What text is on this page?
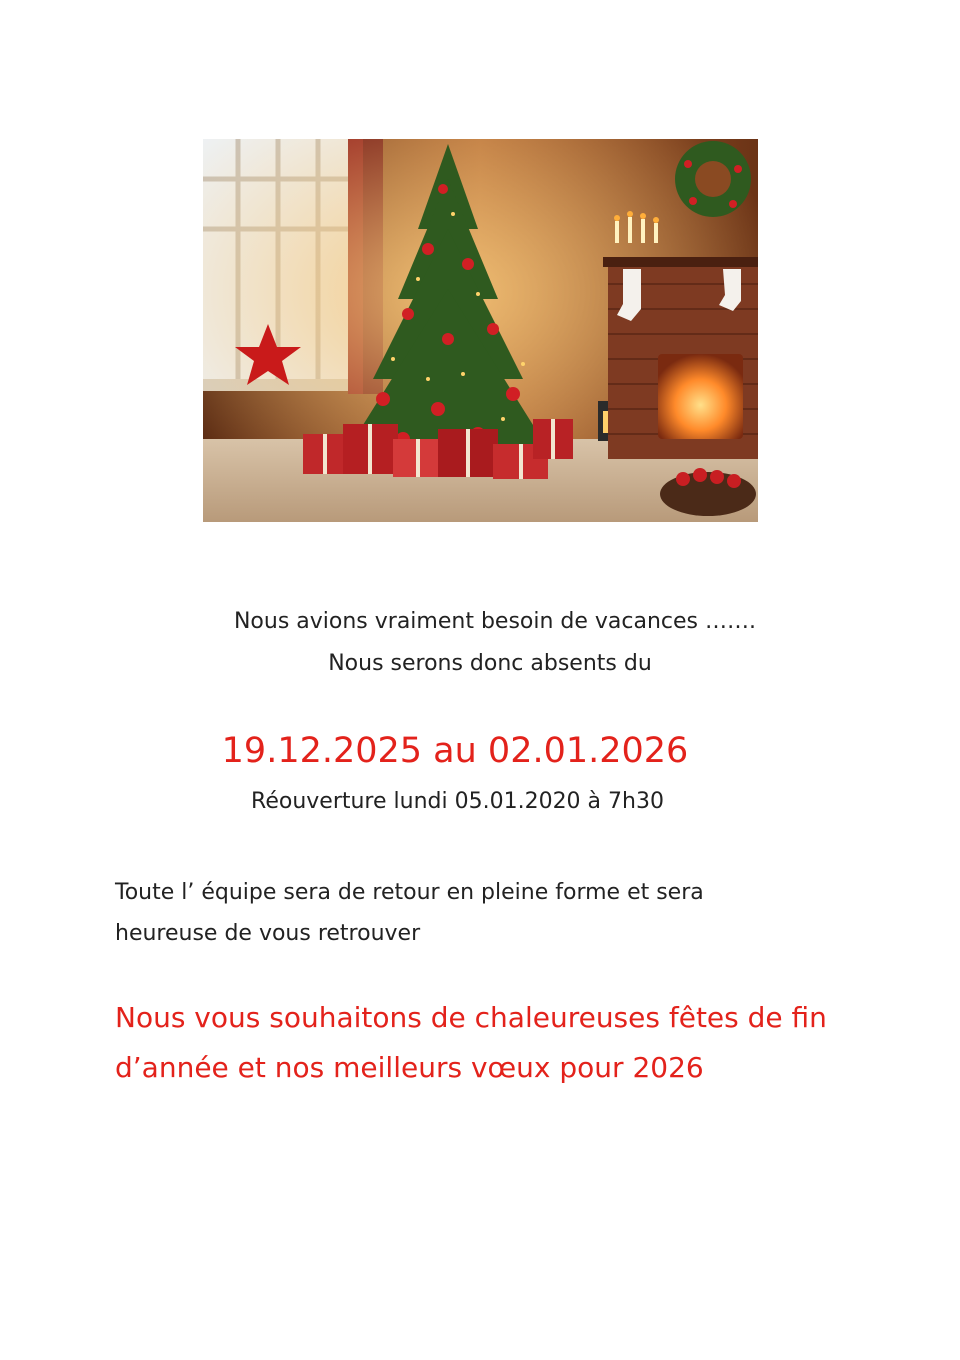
Nous avions vraiment besoin de vacances …….
Nous serons donc absents du
19.12.2025 au 02.01.2026
Réouverture lundi 05.01.2020 à 7h30
Toute l’ équipe sera de retour en pleine forme et sera
heureuse de vous retrouver
Nous vous souhaitons de chaleureuses fêtes de fin
d’année et nos meilleurs vœux pour 2026
